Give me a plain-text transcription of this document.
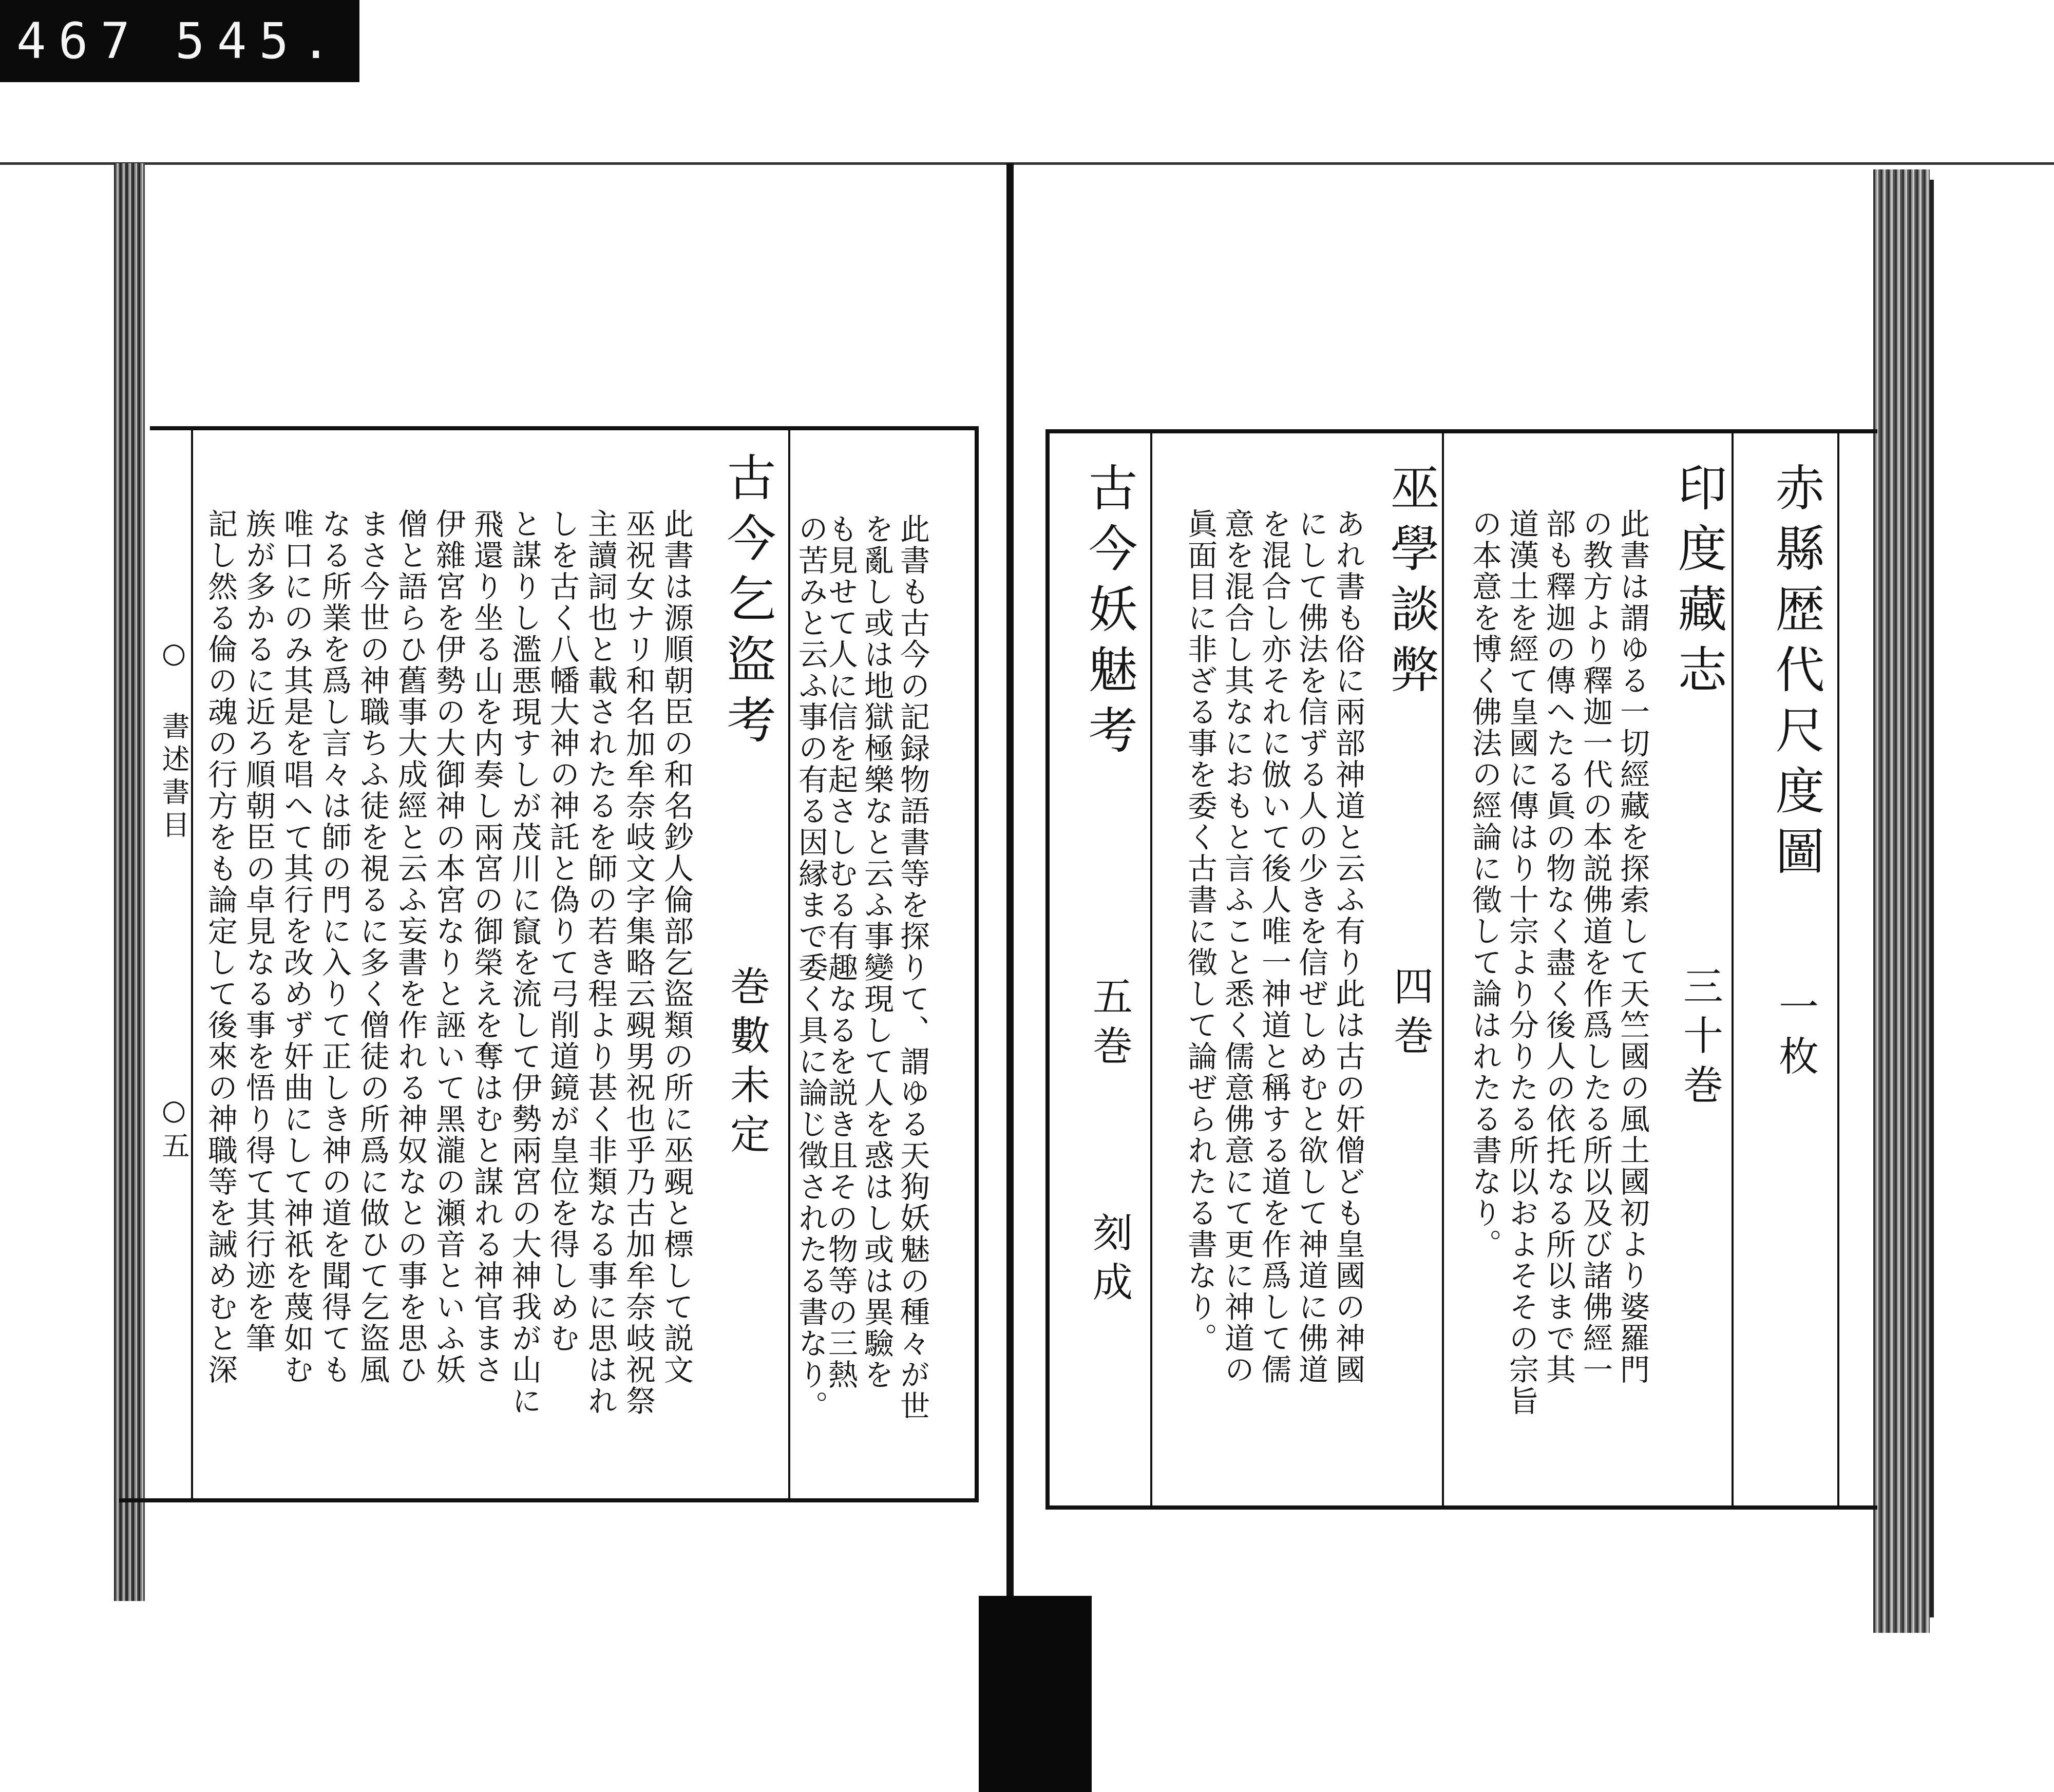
467 545.
○ 書述書目
○五	此書も古今の記録物語書等を探りて、謂ゆる天狗妖魅の種々が世
を亂し或は地獄極樂なと云ふ事變現して人を惑はし或は異驗を
も見せて人に信を起さしむる有趣なるを説き且その物等の三熱
の苦みと云ふ事の有る因縁まで委く具に論じ徵されたる書なり。
古今乞盜考
巻數未定
此書は源順朝臣の和名鈔人倫部乞盜類の所に巫覡と標して説文
巫祝女ナリ和名加牟奈岐文字集略云覡男祝也乎乃古加牟奈岐祝祭
主讀詞也と載されたるを師の若き程より甚く非類なる事に思はれ
しを古く八幡大神の神託と偽りて弓削道鏡が皇位を得しめむ
と謀りし濫悪現すしが茂川に竄を流して伊勢兩宮の大神我が山に
飛還り坐る山を内奏し兩宮の御榮えを奪はむと謀れる神官まさ
伊雜宮を伊勢の大御神の本宮なりと誣いて黑瀧の瀬音といふ妖
僧と語らひ舊事大成經と云ふ妄書を作れる神奴なとの事を思ひ
まさ今世の神職ちふ徒を視るに多く僧徒の所爲に做ひて乞盜風
なる所業を爲し言々は師の門に入りて正しき神の道を聞得ても
唯口にのみ其是を唱へて其行を改めず奸曲にして神祇を蔑如む
族が多かるに近ろ順朝臣の卓見なる事を悟り得て其行迹を筆
記し然る倫の魂の行方をも論定して後來の神職等を誡めむと深	赤縣歴代尺度圖
一枚
印度藏志
三十巻
此書は謂ゆる一切經藏を探索して天竺國の風土國初より婆羅門
の教方より釋迦一代の本説佛道を作爲したる所以及び諸佛經一
部も釋迦の傳へたる眞の物なく盡く後人の依托なる所以まで其
道漢土を經て皇國に傳はり十宗より分りたる所以およそその宗旨
の本意を博く佛法の經論に徵して論はれたる書なり。
巫學談弊
四巻
あれ書も俗に兩部神道と云ふ有り此は古の奸僧ども皇國の神國
にして佛法を信ずる人の少きを信ぜしめむと欲して神道に佛道
を混合し亦それに倣いて後人唯一神道と稱する道を作爲して儒
意を混合し其なにおもと言ふこと悉く儒意佛意にて更に神道の
眞面目に非ざる事を委く古書に徵して論ぜられたる書なり。
古今妖魅考
五巻
刻成
